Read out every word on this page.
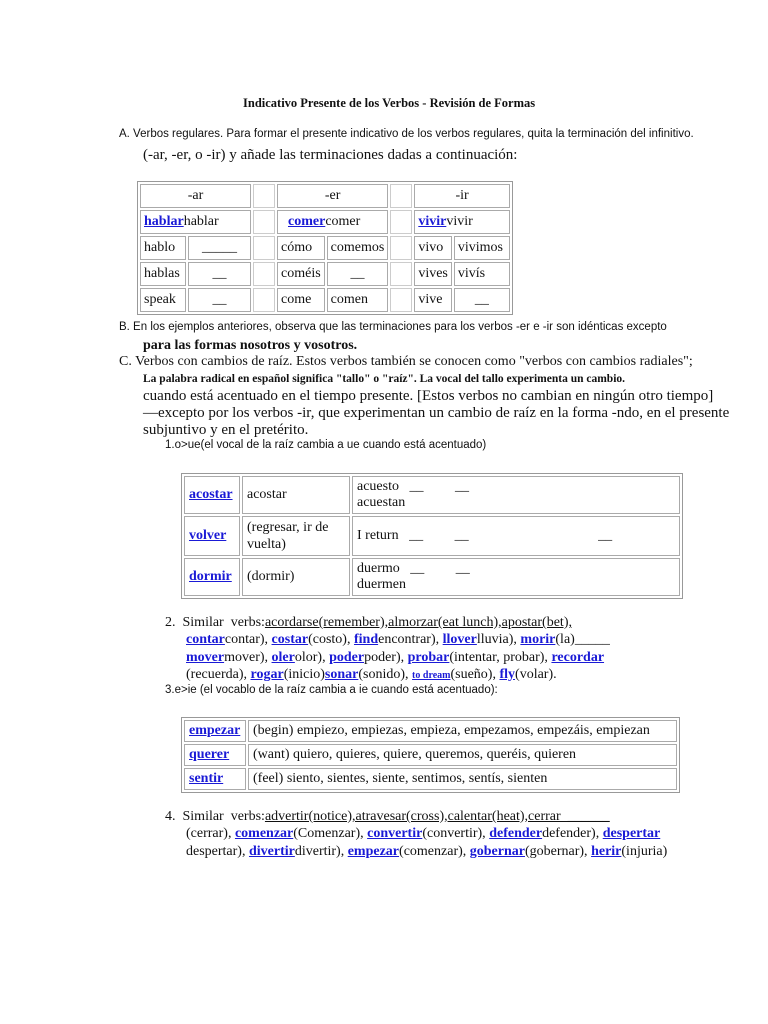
Indicativo Presente de los Verbos - Revisión de Formas
A. Verbos regulares. Para formar el presente indicativo de los verbos regulares, quita la terminación del infinitivo.
(-ar, -er, o -ir) y añade las terminaciones dadas a continuación:
-ar			-er			-ir	
hablarhablar			comercomer			vivirvivir	
hablo	_____		cómo	comemos		vivo	vivimos
hablas	__		coméis	__		vives	vivís
speak	__		come	comen		vive	__
B. En los ejemplos anteriores, observa que las terminaciones para los verbos -er e -ir son idénticas excepto
para las formas nosotros y vosotros.
C. Verbos con cambios de raíz. Estos verbos también se conocen como "verbos con cambios radiales";
La palabra radical en español significa "tallo" o "raíz". La vocal del tallo experimenta un cambio.
cuando está acentuado en el tiempo presente. [Estos verbos no cambian en ningún otro tiempo]
—excepto por los verbos -ir, que experimentan un cambio de raíz en la forma -ndo, en el presente
subjuntivo y en el pretérito.
1.o>ue(el vocal de la raíz cambia a ue cuando está acentuado)
acostar	acostar	acuesto   __         __
acuestan

volver	(regresar, ir de vuelta)	I return   __         __                                     __

dormir	(dormir)	duermo   __         __
duermen
2.  Similar  verbs:acordarse(remember),almorzar(eat lunch),apostar(bet),
contarcontar), costar(costo), findencontrar), lloverlluvia), morir(la)_____
movermover), olerolor), poderpoder), probar(intentar, probar), recordar
(recuerda), rogar(inicio)sonar(sonido), to dream(sueño), fly(volar).
3.e>ie (el vocablo de la raíz cambia a ie cuando está acentuado):
empezar	(begin) empiezo, empiezas, empieza, empezamos, empezáis, empiezan
querer	(want) quiero, quieres, quiere, queremos, queréis, quieren
sentir	(feel) siento, sientes, siente, sentimos, sentís, sienten
4.  Similar  verbs:advertir(notice),atravesar(cross),calentar(heat),cerrar  ______
(cerrar), comenzar(Comenzar), convertir(convertir), defenderdefender), despertar
despertar), divertirdivertir), empezar(comenzar), gobernar(gobernar), herir(injuria)
